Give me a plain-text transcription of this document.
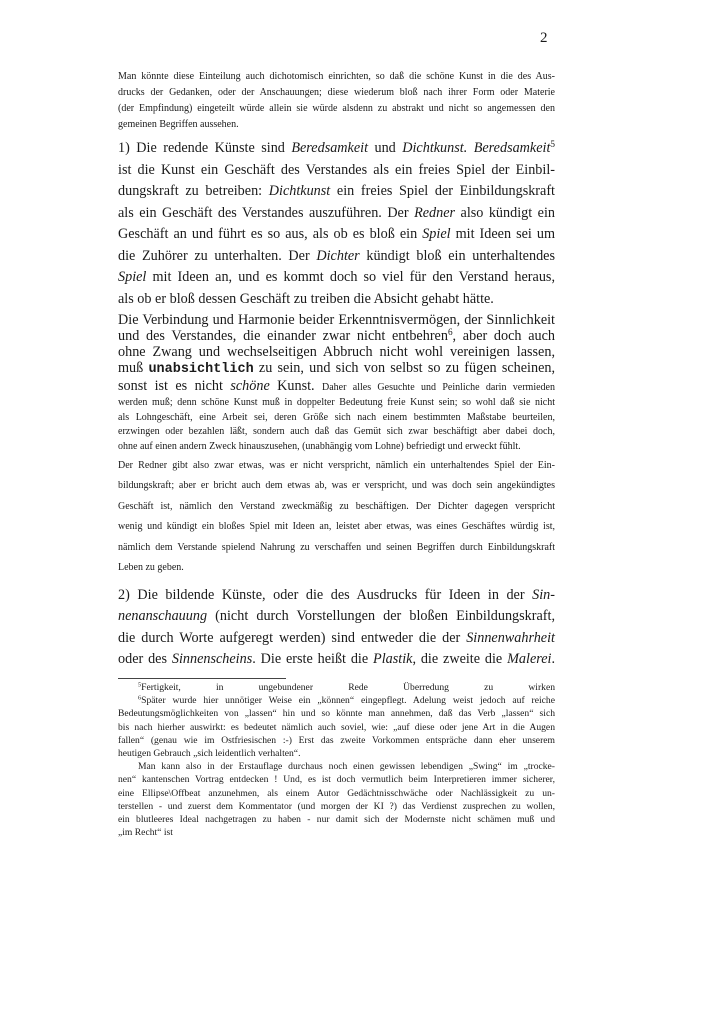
2
Man könnte diese Einteilung auch dichotomisch einrichten, so daß die schöne Kunst in die des Aus-
drucks der Gedanken, oder der Anschauungen; diese wiederum bloß nach ihrer Form oder Materie
(der Empfindung) eingeteilt würde allein sie würde alsdenn zu abstrakt und nicht so angemessen den
gemeinen Begriffen aussehen.
1) Die redende Künste sind Beredsamkeit und Dichtkunst. Beredsamkeit$^5$
ist die Kunst ein Geschäft des Verstandes als ein freies Spiel der Einbil-
dungskraft zu betreiben: Dichtkunst ein freies Spiel der Einbildungskraft
als ein Geschäft des Verstandes auszuführen. Der Redner also kündigt ein
Geschäft an und führt es so aus, als ob es bloß ein Spiel mit Ideen sei um
die Zuhörer zu unterhalten. Der Dichter kündigt bloß ein unterhaltendes
Spiel mit Ideen an, und es kommt doch so viel für den Verstand heraus,
als ob er bloß dessen Geschäft zu treiben die Absicht gehabt hätte.
Die Verbindung und Harmonie beider Erkenntnisvermögen, der Sinnlichkeit
und des Verstandes, die einander zwar nicht entbehren$^6$, aber doch auch
ohne Zwang und wechselseitigen Abbruch nicht wohl vereinigen lassen,
muß unabsichtlich zu sein, und sich von selbst so zu fügen scheinen,
sonst ist es nicht schöne Kunst. Daher alles Gesuchte und Peinliche darin vermieden
werden muß; denn schöne Kunst muß in doppelter Bedeutung freie Kunst sein; so wohl daß sie nicht
als Lohngeschäft, eine Arbeit sei, deren Größe sich nach einem bestimmten Maßstabe beurteilen,
erzwingen oder bezahlen läßt, sondern auch daß das Gemüt sich zwar beschäftigt aber dabei doch,
ohne auf einen andern Zweck hinauszusehen, (unabhängig vom Lohne) befriedigt und erweckt fühlt.
Der Redner gibt also zwar etwas, was er nicht verspricht, nämlich ein unterhaltendes Spiel der Ein-
bildungskraft; aber er bricht auch dem etwas ab, was er verspricht, und was doch sein angekündigtes
Geschäft ist, nämlich den Verstand zweckmäßig zu beschäftigen. Der Dichter dagegen verspricht
wenig und kündigt ein bloßes Spiel mit Ideen an, leistet aber etwas, was eines Geschäftes würdig ist,
nämlich dem Verstande spielend Nahrung zu verschaffen und seinen Begriffen durch Einbildungskraft
Leben zu geben.
2) Die bildende Künste, oder die des Ausdrucks für Ideen in der Sin-
nenanschauung (nicht durch Vorstellungen der bloßen Einbildungskraft,
die durch Worte aufgeregt werden) sind entweder die der Sinnenwahrheit
oder des Sinnenscheins. Die erste heißt die Plastik, die zweite die Malerei.
$^5$Fertigkeit, in ungebundener Rede Überredung zu wirken
$^6$Später wurde hier unnötiger Weise ein „können“ eingepflegt. Adelung weist jedoch auf reiche
Bedeutungsmöglichkeiten von „lassen“ hin und so könnte man annehmen, daß das Verb „lassen“ sich
bis nach hierher auswirkt: es bedeutet nämlich auch soviel, wie: „auf diese oder jene Art in die Augen
fallen“ (genau wie im Ostfriesischen :-) Erst das zweite Vorkommen entspräche dann eher unserem
heutigen Gebrauch „sich leidentlich verhalten“.
Man kann also in der Erstauflage durchaus noch einen gewissen lebendigen „Swing“ im „trocke-
nen“ kantenschen Vortrag entdecken ! Und, es ist doch vermutlich beim Interpretieren immer sicherer,
eine Ellipse\Offbeat anzunehmen, als einem Autor Gedächtnisschwäche oder Nachlässigkeit zu un-
terstellen - und zuerst dem Kommentator (und morgen der KI ?) das Verdienst zusprechen zu wollen,
ein blutleeres Ideal nachgetragen zu haben - nur damit sich der Modernste nicht schämen muß und
„im Recht“ ist
